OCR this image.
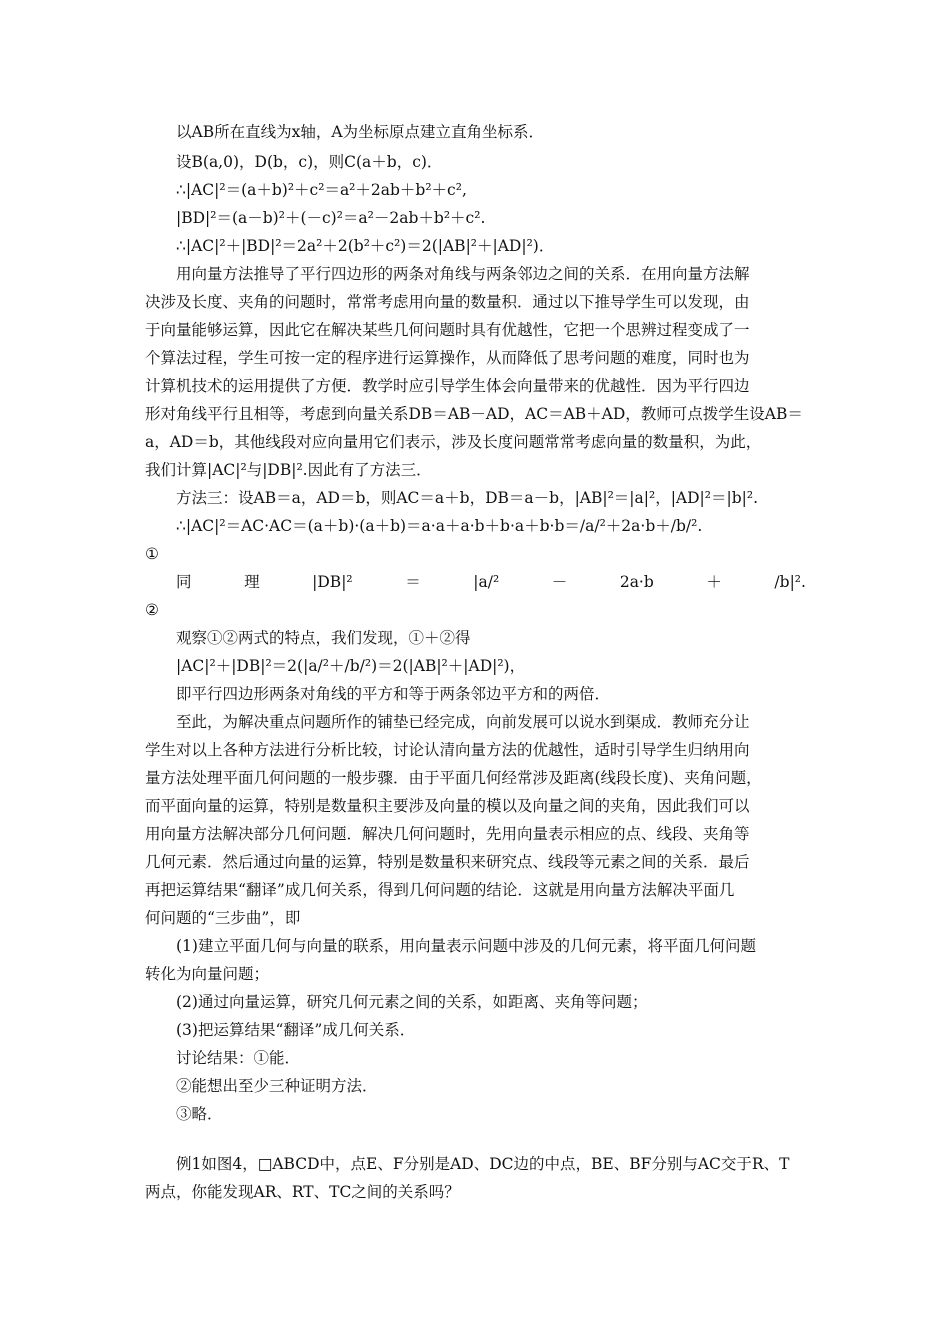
以AB所在直线为x轴，A为坐标原点建立直角坐标系．
设B(a,0)，D(b，c)，则C(a＋b，c)．
∴|AC|²＝(a＋b)²＋c²＝a²＋2ab＋b²＋c²,
|BD|²＝(a－b)²＋(－c)²＝a²－2ab＋b²＋c².
∴|AC|²＋|BD|²＝2a²＋2(b²＋c²)＝2(|AB|²＋|AD|²)．
用向量方法推导了平行四边形的两条对角线与两条邻边之间的关系．在用向量方法解
决涉及长度、夹角的问题时，常常考虑用向量的数量积．通过以下推导学生可以发现，由
于向量能够运算，因此它在解决某些几何问题时具有优越性，它把一个思辨过程变成了一
个算法过程，学生可按一定的程序进行运算操作，从而降低了思考问题的难度，同时也为
计算机技术的运用提供了方便．教学时应引导学生体会向量带来的优越性．因为平行四边
形对角线平行且相等，考虑到向量关系DB＝AB－AD，AC＝AB＋AD，教师可点拨学生设AB＝
a，AD＝b，其他线段对应向量用它们表示，涉及长度问题常常考虑向量的数量积，为此，
我们计算|AC|²与|DB|².因此有了方法三．
方法三：设AB＝a，AD＝b，则AC＝a＋b，DB＝a－b，|AB|²＝|a|²，|AD|²＝|b|².
∴|AC|²＝AC·AC＝(a＋b)·(a＋b)＝a·a＋a·b＋b·a＋b·b＝/a/²＋2a·b＋/b/².
①
同	理	|DB|²	＝	|a/²	－	2a·b	＋	/b|².
②
观察①②两式的特点，我们发现，①＋②得
|AC|²＋|DB|²＝2(|a/²＋/b/²)＝2(|AB|²＋|AD|²)，
即平行四边形两条对角线的平方和等于两条邻边平方和的两倍．
至此，为解决重点问题所作的铺垫已经完成，向前发展可以说水到渠成．教师充分让
学生对以上各种方法进行分析比较，讨论认清向量方法的优越性，适时引导学生归纳用向
量方法处理平面几何问题的一般步骤．由于平面几何经常涉及距离(线段长度)、夹角问题，
而平面向量的运算，特别是数量积主要涉及向量的模以及向量之间的夹角，因此我们可以
用向量方法解决部分几何问题．解决几何问题时，先用向量表示相应的点、线段、夹角等
几何元素．然后通过向量的运算，特别是数量积来研究点、线段等元素之间的关系．最后
再把运算结果“翻译”成几何关系，得到几何问题的结论．这就是用向量方法解决平面几
何问题的“三步曲”，即
(1)建立平面几何与向量的联系，用向量表示问题中涉及的几何元素，将平面几何问题
转化为向量问题；
(2)通过向量运算，研究几何元素之间的关系，如距离、夹角等问题；
(3)把运算结果“翻译”成几何关系．
讨论结果：①能．
②能想出至少三种证明方法．
③略．
例1如图4，□ABCD中，点E、F分别是AD、DC边的中点，BE、BF分别与AC交于R、T
两点，你能发现AR、RT、TC之间的关系吗？
